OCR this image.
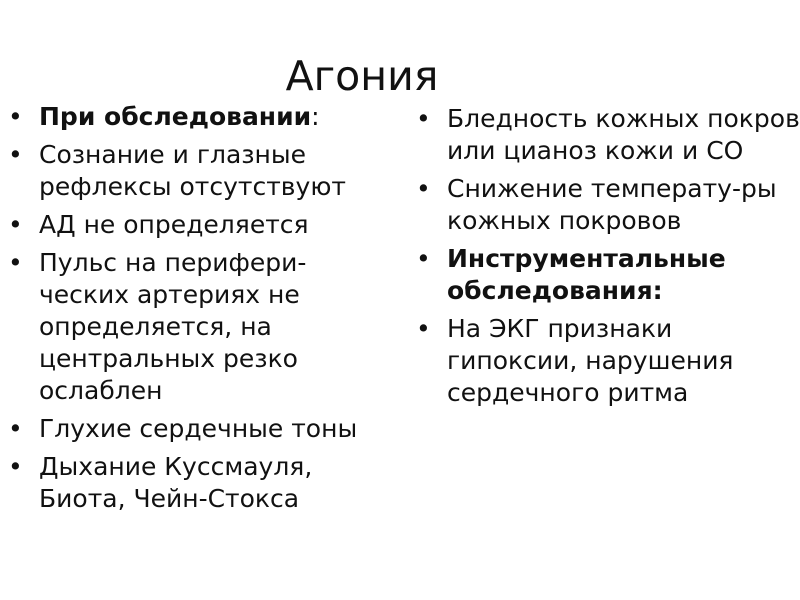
Агония
• При обследовании:
• Сознание и глазные рефлексы отсутствуют
• АД не определяется
• Пульс на перифери-ческих артериях не определяется, на центральных резко ослаблен
• Глухие сердечные тоны
• Дыхание Куссмауля, Биота, Чейн-Стокса
• Бледность кожных покров или цианоз кожи и СО
• Снижение температу-ры кожных покровов
• Инструментальные обследования:
• На ЭКГ признаки гипоксии, нарушения сердечного ритма
